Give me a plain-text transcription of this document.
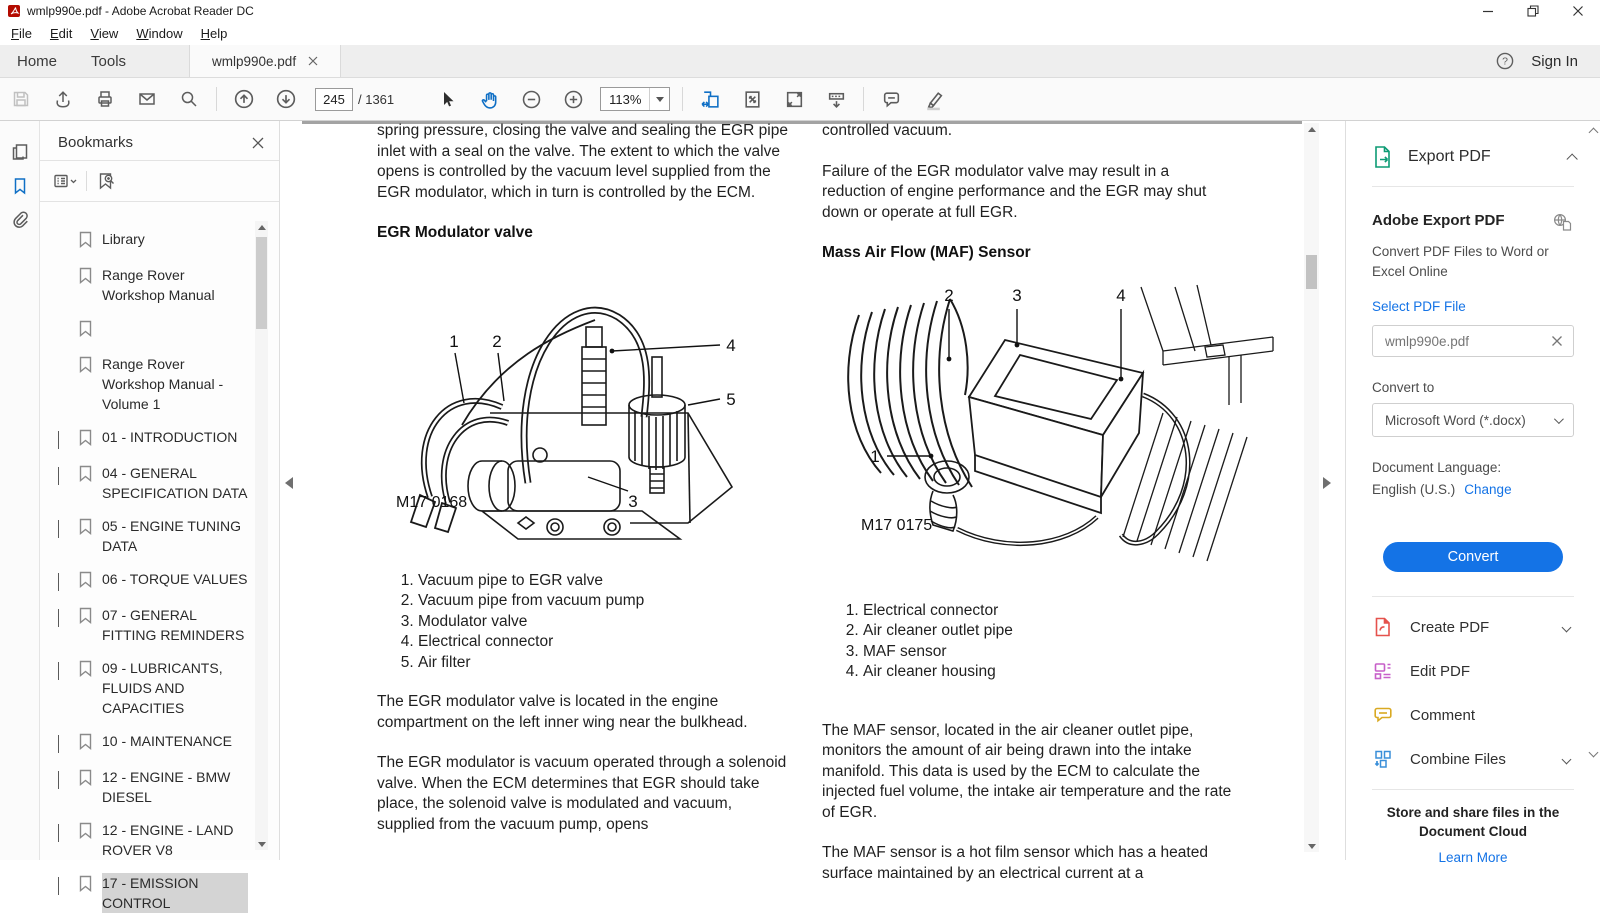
wmlp990e.pdf - Adobe Acrobat Reader DC
File	Edit	View	Window	Help
Home	Tools	wmlp990e.pdf	? Sign In
245
/ 1361	113%
Bookmarks
Library
Range Rover Workshop Manual
Range Rover Workshop Manual - Volume 1
01 - INTRODUCTION
04 - GENERAL SPECIFICATION DATA
05 - ENGINE TUNING DATA
06 - TORQUE VALUES
07 - GENERAL FITTING REMINDERS
09 - LUBRICANTS, FLUIDS AND CAPACITIES
10 - MAINTENANCE
12 - ENGINE - BMW DIESEL
12 - ENGINE - LAND ROVER V8
17 - EMISSION CONTROL

spring pressure, closing the valve and sealing the EGR pipe inlet with a seal on the valve. The extent to which the valve opens is controlled by the vacuum level supplied from the EGR modulator, which in turn is controlled by the ECM.

EGR Modulator valve
1 2	4
5
3
M17 0168
1. Vacuum pipe to EGR valve
2. Vacuum pipe from vacuum pump
3. Modulator valve
4. Electrical connector
5. Air filter

The EGR modulator valve is located in the engine compartment on the left inner wing near the bulkhead.

The EGR modulator is vacuum operated through a solenoid valve. When the ECM determines that EGR should take place, the solenoid valve is modulated and vacuum, supplied from the vacuum pump, opens

controlled vacuum.

Failure of the EGR modulator valve may result in a reduction of engine performance and the EGR may shut down or operate at full EGR.

Mass Air Flow (MAF) Sensor
2	3	4
1
M17 0175
1. Electrical connector
2. Air cleaner outlet pipe
3. MAF sensor
4. Air cleaner housing

The MAF sensor, located in the air cleaner outlet pipe, monitors the amount of air being drawn into the intake manifold. This data is used by the ECM to calculate the injected fuel volume, the intake air temperature and the rate of EGR.

The MAF sensor is a hot film sensor which has a heated surface maintained by an electrical current at a

Export PDF
Adobe Export PDF
Convert PDF Files to Word or Excel Online
Select PDF File
wmlp990e.pdf
Convert to
Microsoft Word (*.docx)
Document Language:
English (U.S.) Change
Convert
Create PDF
Edit PDF
Comment
Combine Files
Store and share files in the Document Cloud
Learn More
